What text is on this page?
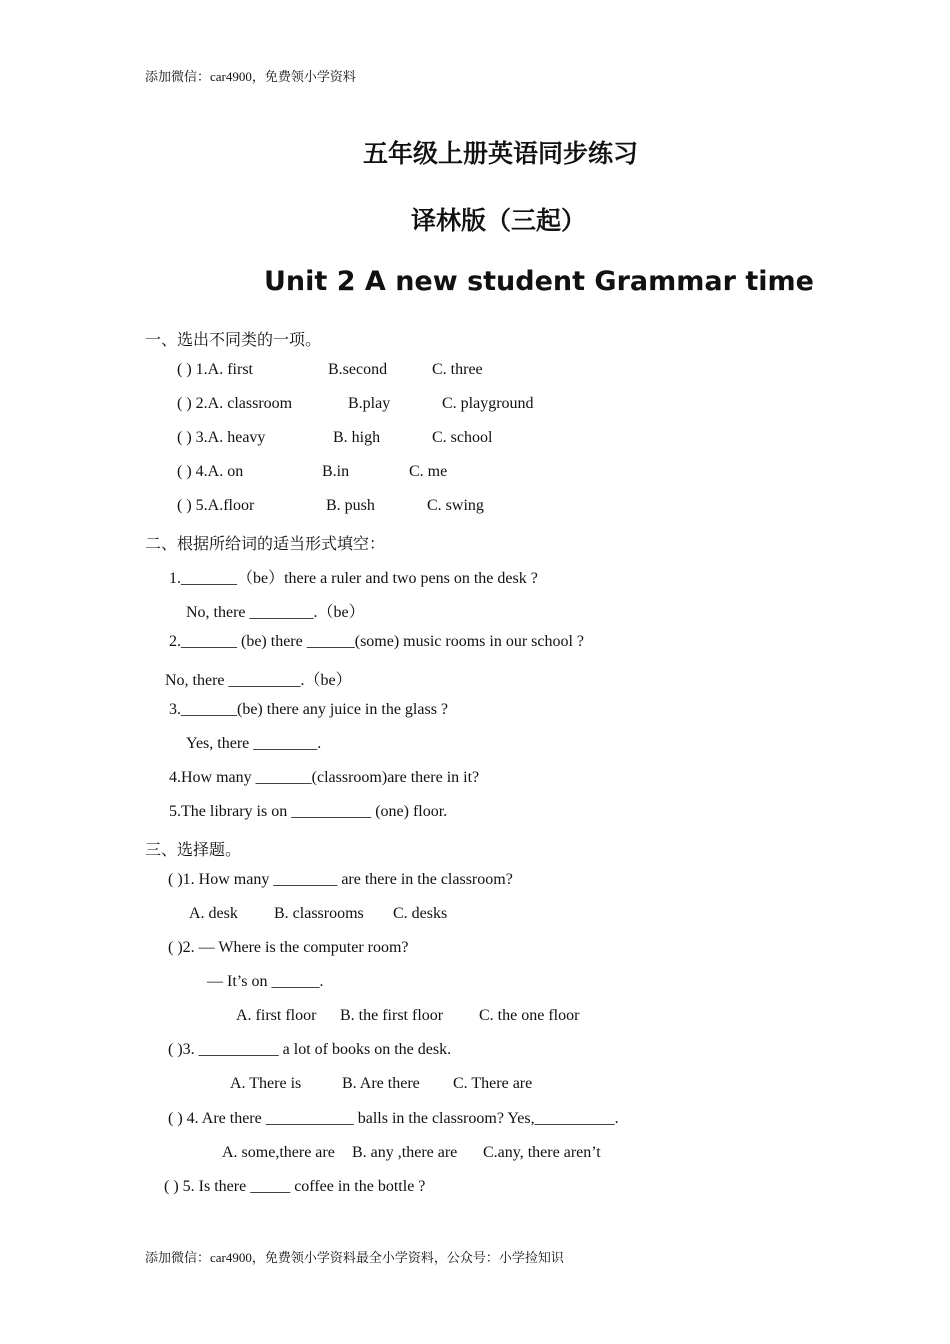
添加微信：car4900，免费领小学资料
五年级上册英语同步练习
译林版（三起）
Unit 2 A new student Grammar time
一、选出不同类的一项。
( ) 1.A. first	B.second	C. three
( ) 2.A. classroom	B.play	C. playground
( ) 3.A. heavy	B. high	C. school
( ) 4.A. on	B.in	C. me
( ) 5.A.floor	B. push	C. swing
二、根据所给词的适当形式填空：
1._______（be）there a ruler and two pens on the desk ?
No, there ________.（be）
2._______ (be) there ______(some) music rooms in our school ?
No, there _________.（be）
3._______(be) there any juice in the glass ?
Yes, there ________.
4.How many _______(classroom)are there in it?
5.The library is on __________ (one) floor.
三、选择题。
( )1. How many ________ are there in the classroom?
A. desk B. classrooms C. desks
( )2. — Where is the computer room?
— It’s on ______.
A. first floor B. the first floor C. the one floor
( )3. __________ a lot of books on the desk.
A. There is	B. Are there C. There are
( ) 4. Are there ___________ balls in the classroom? Yes,__________.
A. some,there are B. any ,there are C.any, there aren’t
( ) 5. Is there _____ coffee in the bottle ?
添加微信：car4900，免费领小学资料最全小学资料，公众号：小学捡知识
